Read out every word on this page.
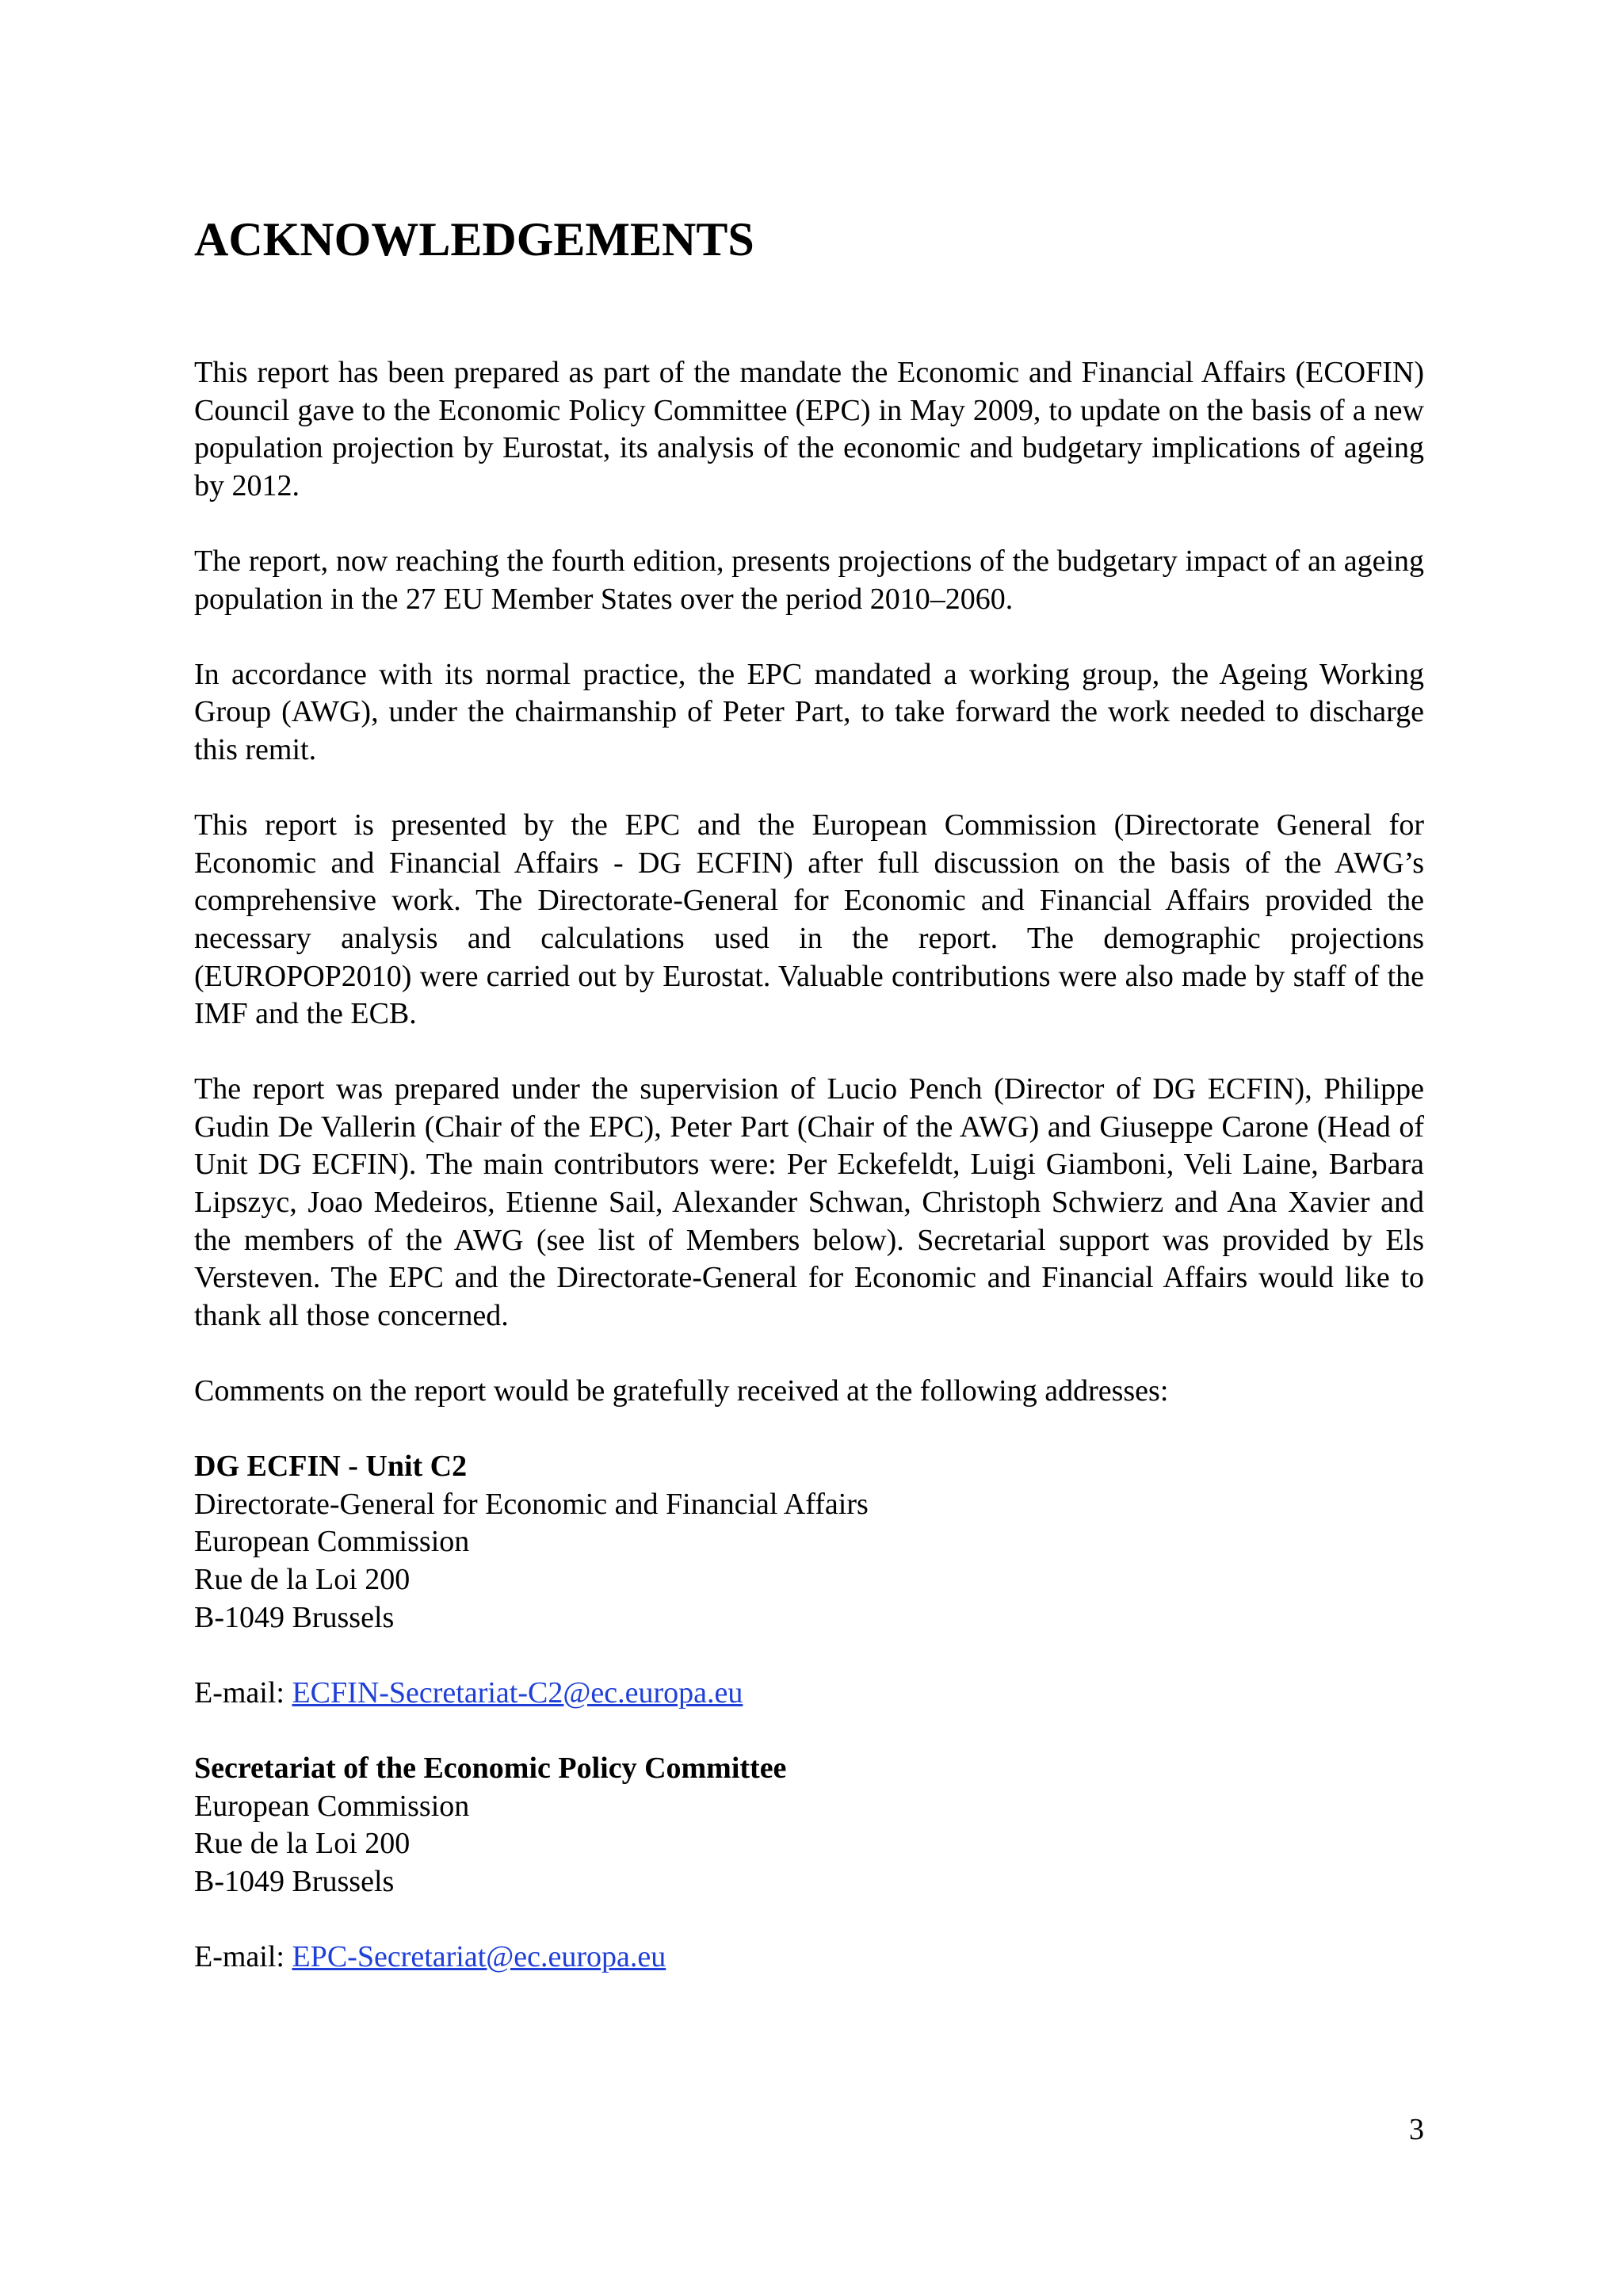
ACKNOWLEDGEMENTS

This report has been prepared as part of the mandate the Economic and Financial Affairs (ECOFIN) Council gave to the Economic Policy Committee (EPC) in May 2009, to update on the basis of a new population projection by Eurostat, its analysis of the economic and budgetary implications of ageing by 2012.

The report, now reaching the fourth edition, presents projections of the budgetary impact of an ageing population in the 27 EU Member States over the period 2010–2060.

In accordance with its normal practice, the EPC mandated a working group, the Ageing Working Group (AWG), under the chairmanship of Peter Part, to take forward the work needed to discharge this remit.

This report is presented by the EPC and the European Commission (Directorate General for Economic and Financial Affairs - DG ECFIN) after full discussion on the basis of the AWG’s comprehensive work. The Directorate-General for Economic and Financial Affairs provided the necessary analysis and calculations used in the report. The demographic projections (EUROPOP2010) were carried out by Eurostat. Valuable contributions were also made by staff of the IMF and the ECB.

The report was prepared under the supervision of Lucio Pench (Director of DG ECFIN), Philippe Gudin De Vallerin (Chair of the EPC), Peter Part (Chair of the AWG) and Giuseppe Carone (Head of Unit DG ECFIN). The main contributors were: Per Eckefeldt, Luigi Giamboni, Veli Laine, Barbara Lipszyc, Joao Medeiros, Etienne Sail, Alexander Schwan, Christoph Schwierz and Ana Xavier and the members of the AWG (see list of Members below). Secretarial support was provided by Els Versteven. The EPC and the Directorate-General for Economic and Financial Affairs would like to thank all those concerned.

Comments on the report would be gratefully received at the following addresses:

DG ECFIN - Unit C2
Directorate-General for Economic and Financial Affairs
European Commission
Rue de la Loi 200
B-1049 Brussels
E-mail: ECFIN-Secretariat-C2@ec.europa.eu
Secretariat of the Economic Policy Committee
European Commission
Rue de la Loi 200
B-1049 Brussels
E-mail: EPC-Secretariat@ec.europa.eu
3
